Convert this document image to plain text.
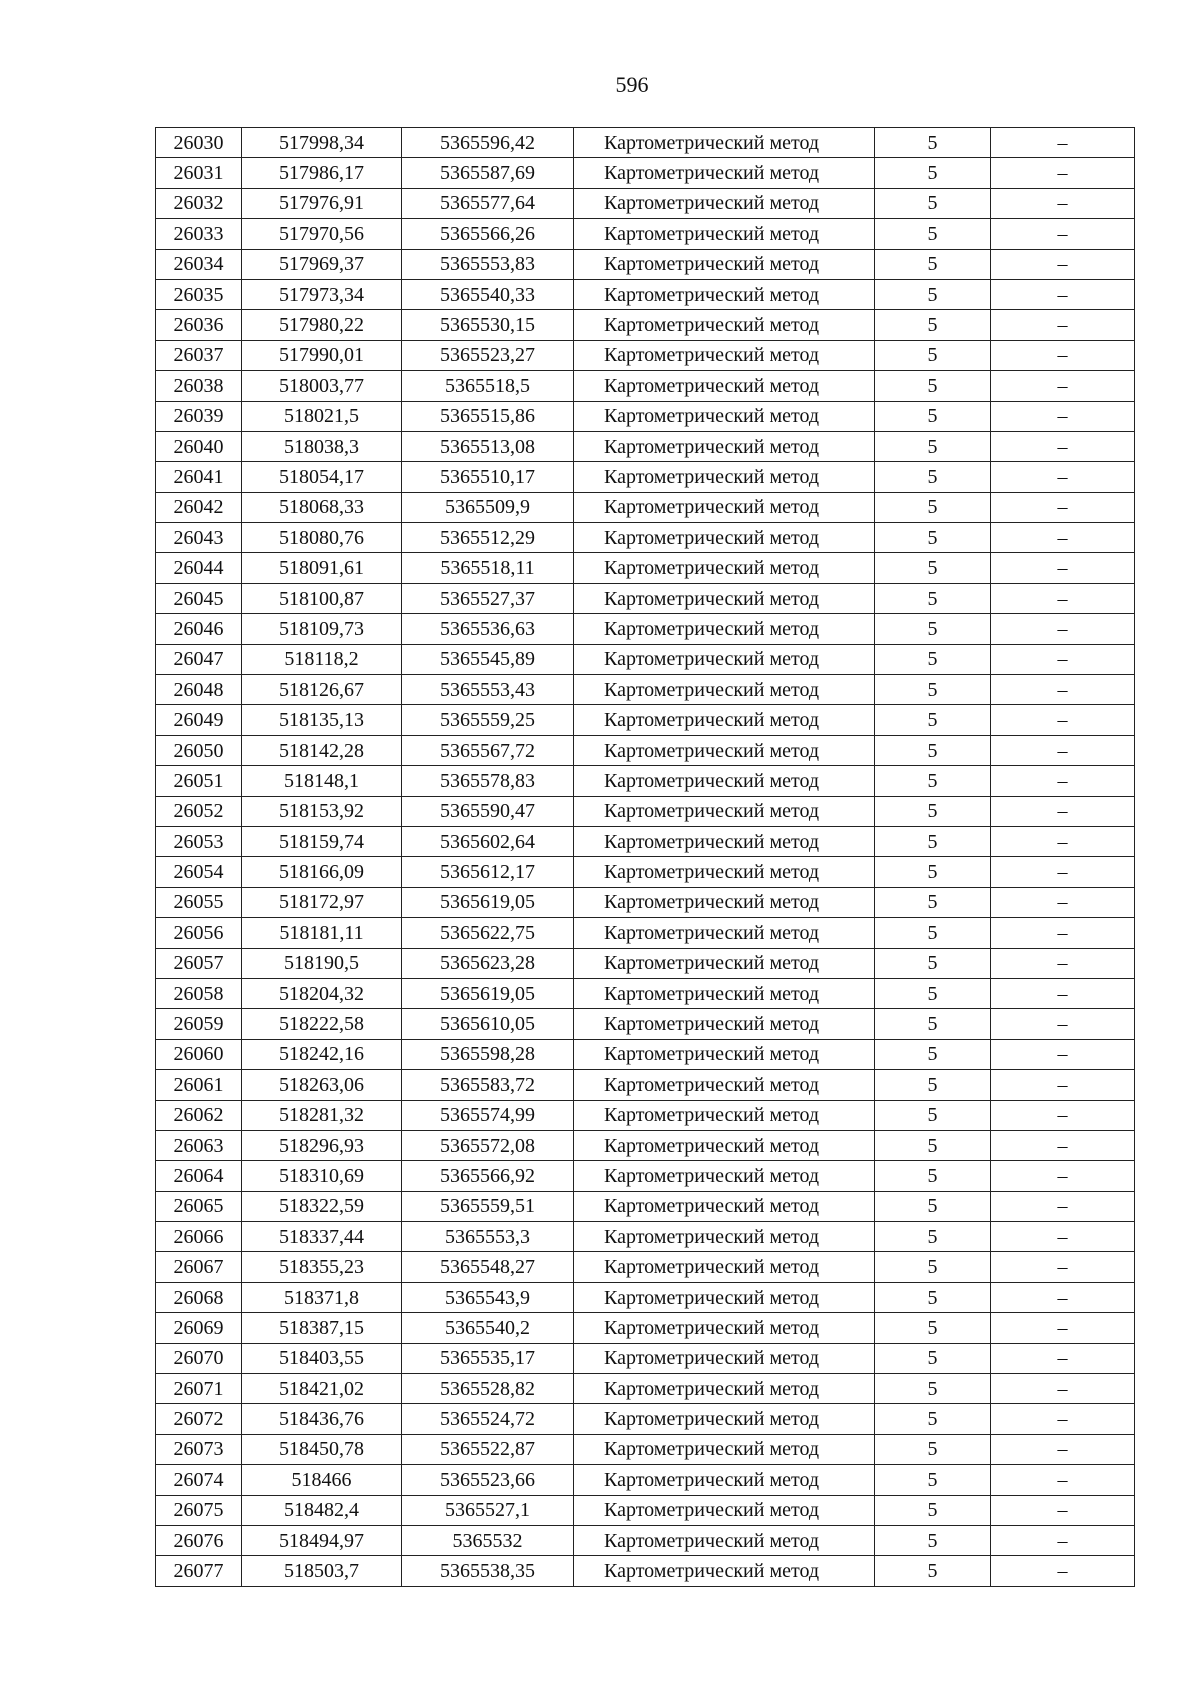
596
26030	517998,34	5365596,42	Картометрический метод	5	–
26031	517986,17	5365587,69	Картометрический метод	5	–
26032	517976,91	5365577,64	Картометрический метод	5	–
26033	517970,56	5365566,26	Картометрический метод	5	–
26034	517969,37	5365553,83	Картометрический метод	5	–
26035	517973,34	5365540,33	Картометрический метод	5	–
26036	517980,22	5365530,15	Картометрический метод	5	–
26037	517990,01	5365523,27	Картометрический метод	5	–
26038	518003,77	5365518,5	Картометрический метод	5	–
26039	518021,5	5365515,86	Картометрический метод	5	–
26040	518038,3	5365513,08	Картометрический метод	5	–
26041	518054,17	5365510,17	Картометрический метод	5	–
26042	518068,33	5365509,9	Картометрический метод	5	–
26043	518080,76	5365512,29	Картометрический метод	5	–
26044	518091,61	5365518,11	Картометрический метод	5	–
26045	518100,87	5365527,37	Картометрический метод	5	–
26046	518109,73	5365536,63	Картометрический метод	5	–
26047	518118,2	5365545,89	Картометрический метод	5	–
26048	518126,67	5365553,43	Картометрический метод	5	–
26049	518135,13	5365559,25	Картометрический метод	5	–
26050	518142,28	5365567,72	Картометрический метод	5	–
26051	518148,1	5365578,83	Картометрический метод	5	–
26052	518153,92	5365590,47	Картометрический метод	5	–
26053	518159,74	5365602,64	Картометрический метод	5	–
26054	518166,09	5365612,17	Картометрический метод	5	–
26055	518172,97	5365619,05	Картометрический метод	5	–
26056	518181,11	5365622,75	Картометрический метод	5	–
26057	518190,5	5365623,28	Картометрический метод	5	–
26058	518204,32	5365619,05	Картометрический метод	5	–
26059	518222,58	5365610,05	Картометрический метод	5	–
26060	518242,16	5365598,28	Картометрический метод	5	–
26061	518263,06	5365583,72	Картометрический метод	5	–
26062	518281,32	5365574,99	Картометрический метод	5	–
26063	518296,93	5365572,08	Картометрический метод	5	–
26064	518310,69	5365566,92	Картометрический метод	5	–
26065	518322,59	5365559,51	Картометрический метод	5	–
26066	518337,44	5365553,3	Картометрический метод	5	–
26067	518355,23	5365548,27	Картометрический метод	5	–
26068	518371,8	5365543,9	Картометрический метод	5	–
26069	518387,15	5365540,2	Картометрический метод	5	–
26070	518403,55	5365535,17	Картометрический метод	5	–
26071	518421,02	5365528,82	Картометрический метод	5	–
26072	518436,76	5365524,72	Картометрический метод	5	–
26073	518450,78	5365522,87	Картометрический метод	5	–
26074	518466	5365523,66	Картометрический метод	5	–
26075	518482,4	5365527,1	Картометрический метод	5	–
26076	518494,97	5365532	Картометрический метод	5	–
26077	518503,7	5365538,35	Картометрический метод	5	–
